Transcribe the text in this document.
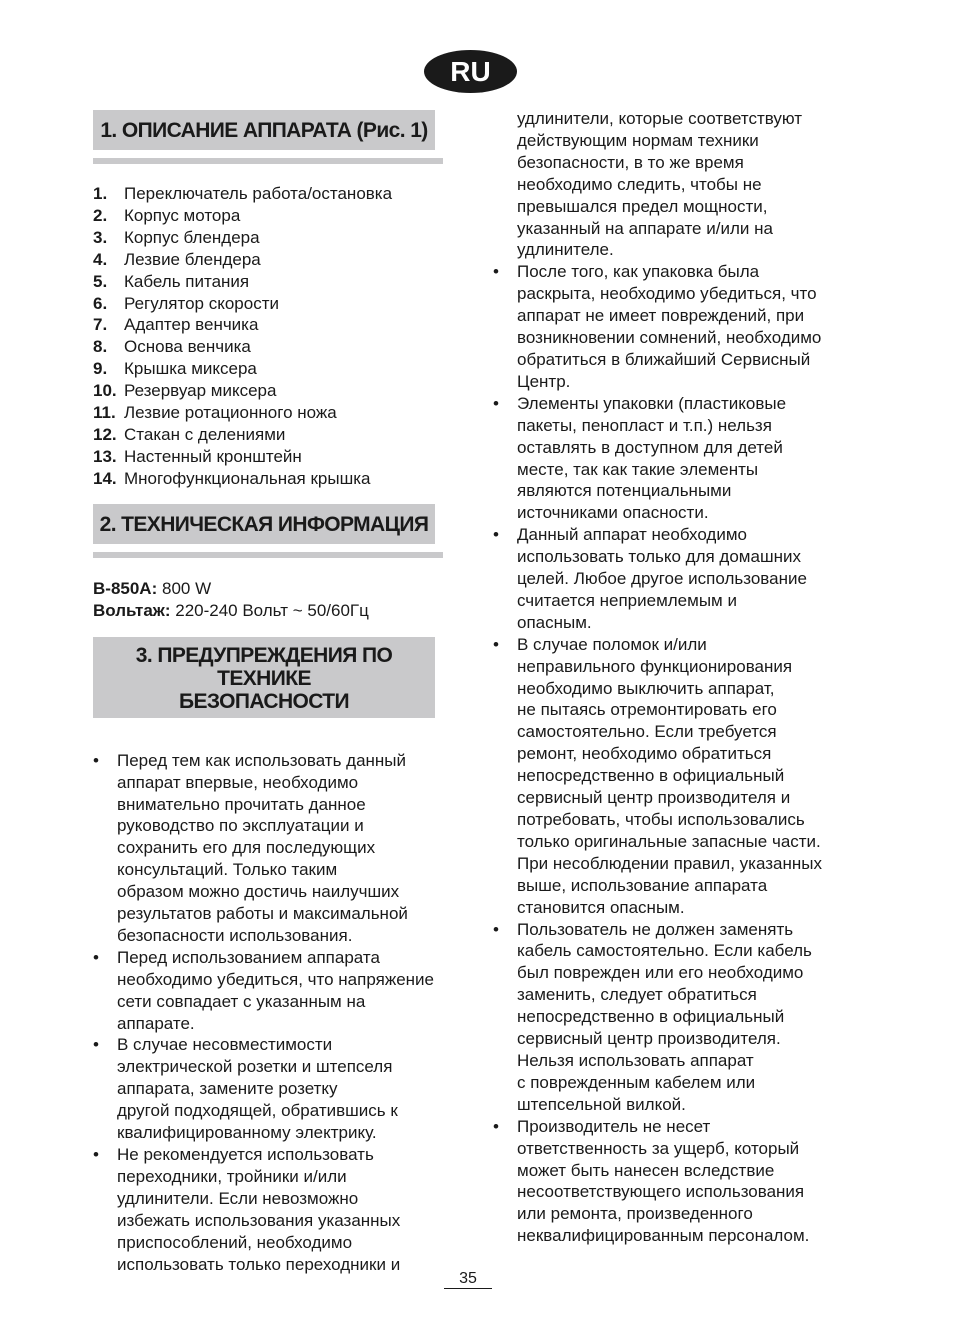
RU
1. ОПИСАНИЕ АППАРАТА (Рис. 1)
1. Переключатель работа/остановка
2. Корпус мотора
3. Корпус блендера
4. Лезвие блендера
5. Кабель питания
6. Регулятор скорости
7. Адаптер венчика
8. Основа венчика
9. Крышка миксера
10. Резервуар миксера
11. Лезвие ротационного ножа
12. Стакан с делениями
13. Настенный кронштейн
14. Многофункциональная крышка
2. ТЕХНИЧЕСКАЯ ИНФОРМАЦИЯ

B-850A: 800 W

Вольтаж: 220-240 Вольт ~ 50/60Гц

3. ПРЕДУПРЕЖДЕНИЯ ПО ТЕХНИКЕ
БЕЗОПАСНОСТИ
• Перед тем как использовать данный
аппарат впервые, необходимо
внимательно прочитать данное
руководство по эксплуатации и
сохранить его для последующих
консультаций. Только таким
образом можно достичь наилучших
результатов работы и максимальной
безопасности использования.
• Перед использованием аппарата
необходимо убедиться, что напряжение
сети совпадает с указанным на
аппарате.
• В случае несовместимости
электрической розетки и штепселя
аппарата, замените розетку
другой подходящей, обратившись к
квалифицированному электрику.
• Не рекомендуется использовать
переходники, тройники и/или
удлинители. Если невозможно
избежать использования указанных
приспособлений, необходимо
использовать только переходники и
удлинители, которые соответствуют
действующим нормам техники
безопасности, в то же время
необходимо следить, чтобы не
превышался предел мощности,
указанный на аппарате и/или на
удлинителе.
• После того, как упаковка была
раскрыта, необходимо убедиться, что
аппарат не имеет повреждений, при
возникновении сомнений, необходимо
обратиться в ближайший Сервисный
Центр.
• Элементы упаковки (пластиковые
пакеты, пенопласт и т.п.) нельзя
оставлять в доступном для детей
месте, так как такие элементы
являются потенциальными
источниками опасности.
• Данный аппарат необходимо
использовать только для домашних
целей. Любое другое использование
считается неприемлемым и
опасным.
• В случае поломок и/или
неправильного функционирования
необходимо выключить аппарат,
не пытаясь отремонтировать его
самостоятельно. Если требуется
ремонт, необходимо обратиться
непосредственно в официальный
сервисный центр производителя и
потребовать, чтобы использовались
только оригинальные запасные части.
При несоблюдении правил, указанных
выше, использование аппарата
становится опасным.
• Пользователь не должен заменять
кабель самостоятельно. Если кабель
был поврежден или его необходимо
заменить, следует обратиться
непосредственно в официальный
сервисный центр производителя.
Нельзя использовать аппарат
с поврежденным кабелем или
штепсельной вилкой.
• Производитель не несет
ответственность за ущерб, который
может быть нанесен вследствие
несоответствующего использования
или ремонта, произведенного
неквалифицированным персоналом.
35
